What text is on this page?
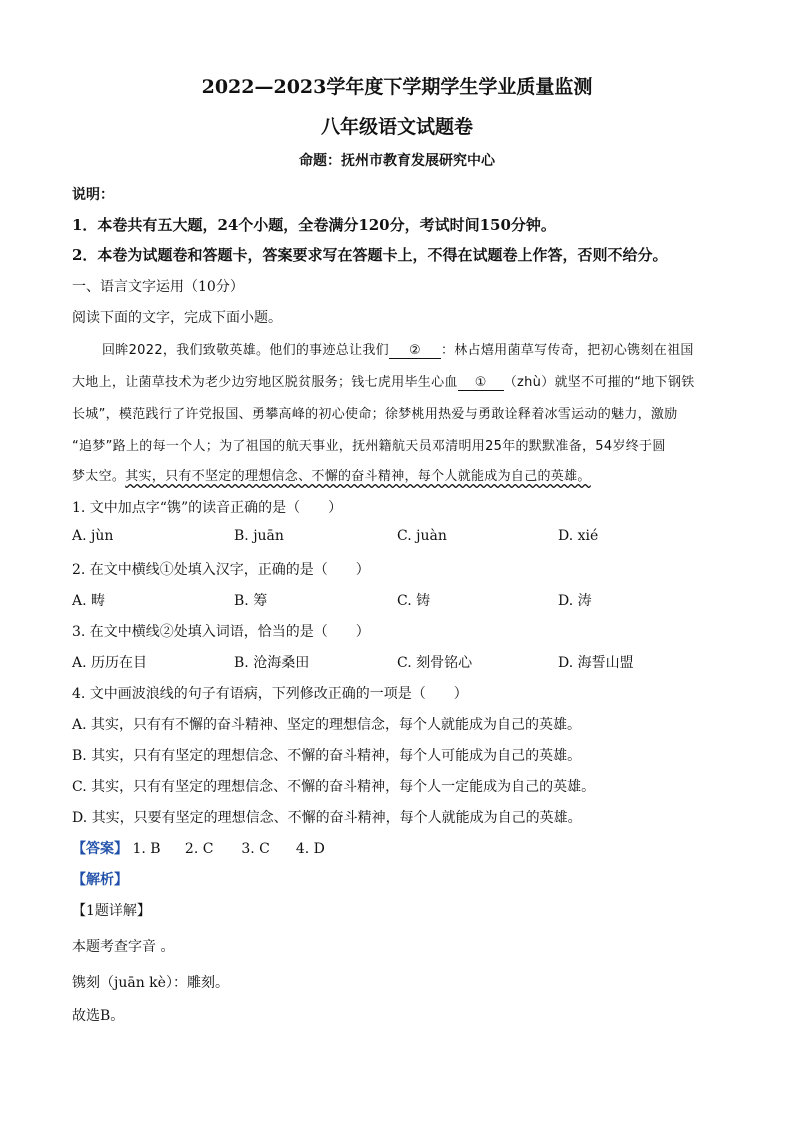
2022—2023学年度下学期学生学业质量监测
八年级语文试题卷
命题：抚州市教育发展研究中心
说明：
1．本卷共有五大题，24个小题，全卷满分120分，考试时间150分钟。
2．本卷为试题卷和答题卡，答案要求写在答题卡上，不得在试题卷上作答，否则不给分。
一、语言文字运用（10分）
阅读下面的文字，完成下面小题。
回眸2022，我们致敬英雄。他们的事迹总让我们 ② ：林占熺用菌草写传奇，把初心镌刻在祖国
大地上，让菌草技术为老少边穷地区脱贫服务；钱七虎用毕生心血 ① （zhù）就坚不可摧的“地下钢铁
长城”，模范践行了许党报国、勇攀高峰的初心使命；徐梦桃用热爱与勇敢诠释着冰雪运动的魅力，激励
“追梦”路上的每一个人；为了祖国的航天事业，抚州籍航天员邓清明用25年的默默准备，54岁终于圆
梦太空。其实，只有不坚定的理想信念、不懈的奋斗精神，每个人就能成为自己的英雄。
1. 文中加点字“镌”的读音正确的是（　　）
A. jùn	B. juān	C. juàn	D. xié
2. 在文中横线①处填入汉字，正确的是（　　）
A. 畴	B. 筹	C. 铸	D. 涛
3. 在文中横线②处填入词语，恰当的是（　　）
A. 历历在目	B. 沧海桑田	C. 刻骨铭心	D. 海誓山盟
4. 文中画波浪线的句子有语病，下列修改正确的一项是（　　）
A. 其实，只有有不懈的奋斗精神、坚定的理想信念，每个人就能成为自己的英雄。
B. 其实，只有有坚定的理想信念、不懈的奋斗精神，每个人可能成为自己的英雄。
C. 其实，只有有坚定的理想信念、不懈的奋斗精神，每个人一定能成为自己的英雄。
D. 其实，只要有坚定的理想信念、不懈的奋斗精神，每个人就能成为自己的英雄。
【答案】 1. B 2. C 3. C 4. D
【解析】
【1题详解】
本题考查字音 。
镌刻（juān kè）：雕刻。
故选B。
